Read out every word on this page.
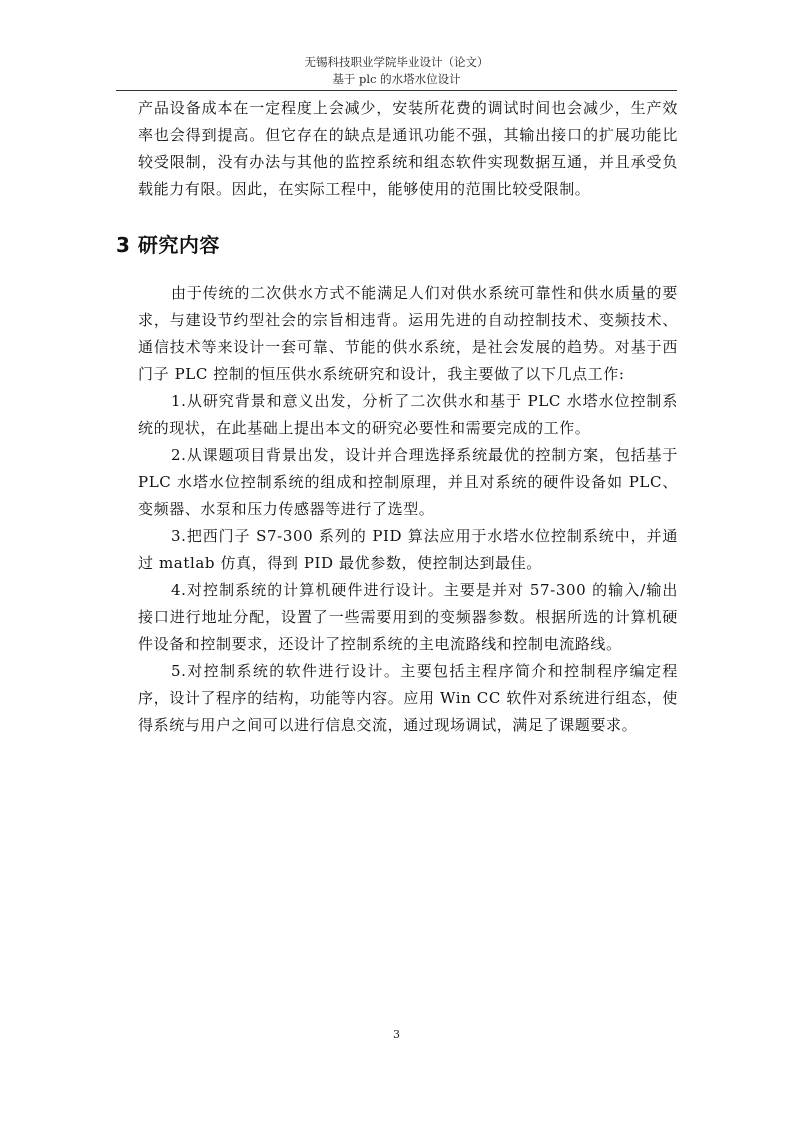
无锡科技职业学院毕业设计（论文）
基于 plc 的水塔水位设计

产品设备成本在一定程度上会减少，安装所花费的调试时间也会减少，生产效率也会得到提高。但它存在的缺点是通讯功能不强，其输出接口的扩展功能比较受限制，没有办法与其他的监控系统和组态软件实现数据互通，并且承受负载能力有限。因此，在实际工程中，能够使用的范围比较受限制。

3 研究内容

由于传统的二次供水方式不能满足人们对供水系统可靠性和供水质量的要求，与建设节约型社会的宗旨相违背。运用先进的自动控制技术、变频技术、通信技术等来设计一套可靠、节能的供水系统，是社会发展的趋势。对基于西门子 PLC 控制的恒压供水系统研究和设计，我主要做了以下几点工作:

1.从研究背景和意义出发，分析了二次供水和基于 PLC 水塔水位控制系统的现状，在此基础上提出本文的研究必要性和需要完成的工作。

2.从课题项目背景出发，设计并合理选择系统最优的控制方案，包括基于 PLC 水塔水位控制系统的组成和控制原理，并且对系统的硬件设备如 PLC、变频器、水泵和压力传感器等进行了选型。

3.把西门子 S7-300 系列的 PID 算法应用于水塔水位控制系统中，并通过 matlab 仿真，得到 PID 最优参数，使控制达到最佳。

4.对控制系统的计算机硬件进行设计。主要是并对 57-300 的输入/输出接口进行地址分配，设置了一些需要用到的变频器参数。根据所选的计算机硬件设备和控制要求，还设计了控制系统的主电流路线和控制电流路线。

5.对控制系统的软件进行设计。主要包括主程序简介和控制程序编定程序，设计了程序的结构，功能等内容。应用 Win CC 软件对系统进行组态，使得系统与用户之间可以进行信息交流，通过现场调试，满足了课题要求。

3
